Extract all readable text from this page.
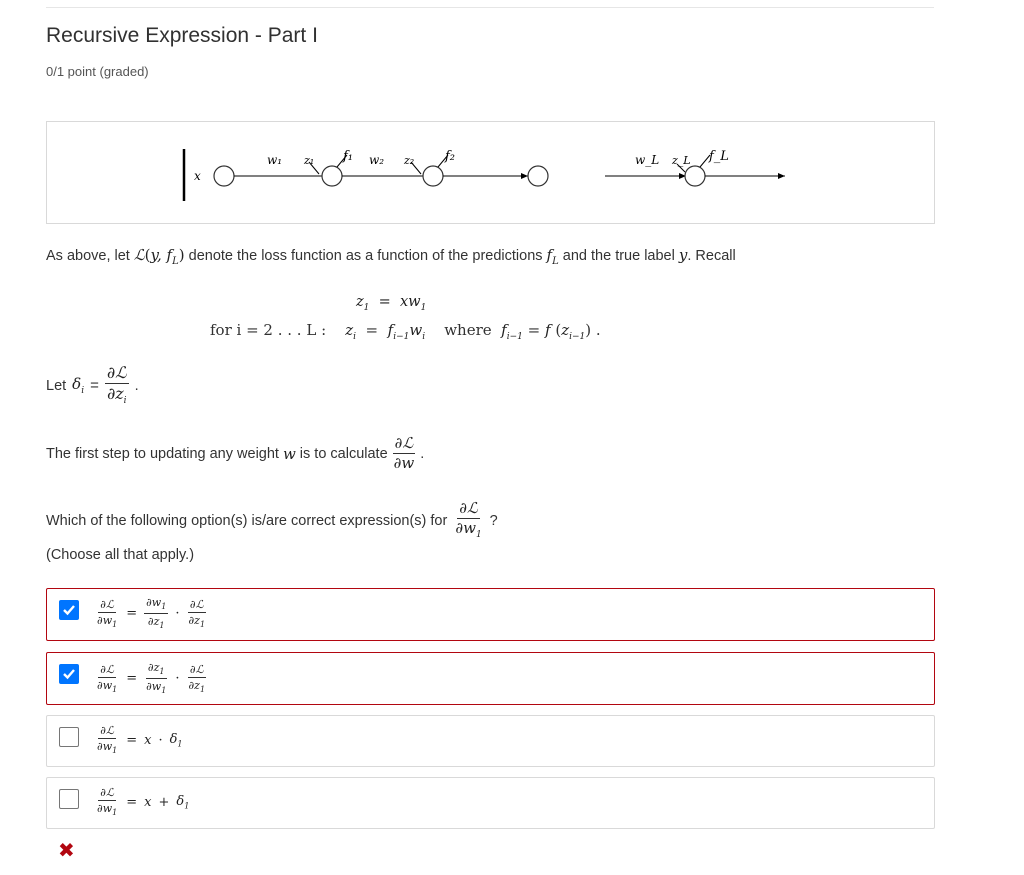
Recursive Expression - Part I
0/1 point (graded)
x
w₁ z₁ f₁ w₂ z₂ f₂	w_L z_L f_L
As above, let ℒ(y, $f_L$) denote the loss function as a function of the predictions $f_L$ and the true label y. Recall
$z_1 = xw_1$
for i = 2 . . . L : $z_i = f_{i-1}w_i$ where $f_{i-1} = f$ $(z_{i-1})$ .
Let $\delta_i = \frac{\text{∂ℒ}}{\partial z_i}$ .
The first step to updating any weight w is to calculate $\frac{\text{∂ℒ}}{\partial w}$ .
Which of the following option(s) is/are correct expression(s) for $\frac{\text{∂ℒ}}{\partial w_1}$ ?
(Choose all that apply.)
$\frac{\text{∂ℒ}}{\partial w_1} = \frac{\partial w_1}{\partial z_1} \cdot \frac{\text{∂ℒ}}{\partial z_1}$
$\frac{\text{∂ℒ}}{\partial w_1} = \frac{\partial z_1}{\partial w_1} \cdot \frac{\text{∂ℒ}}{\partial z_1}$
$\frac{\text{∂ℒ}}{\partial w_1} = x \cdot \delta_1$
$\frac{\text{∂ℒ}}{\partial w_1} = x + \delta_1$
✖
